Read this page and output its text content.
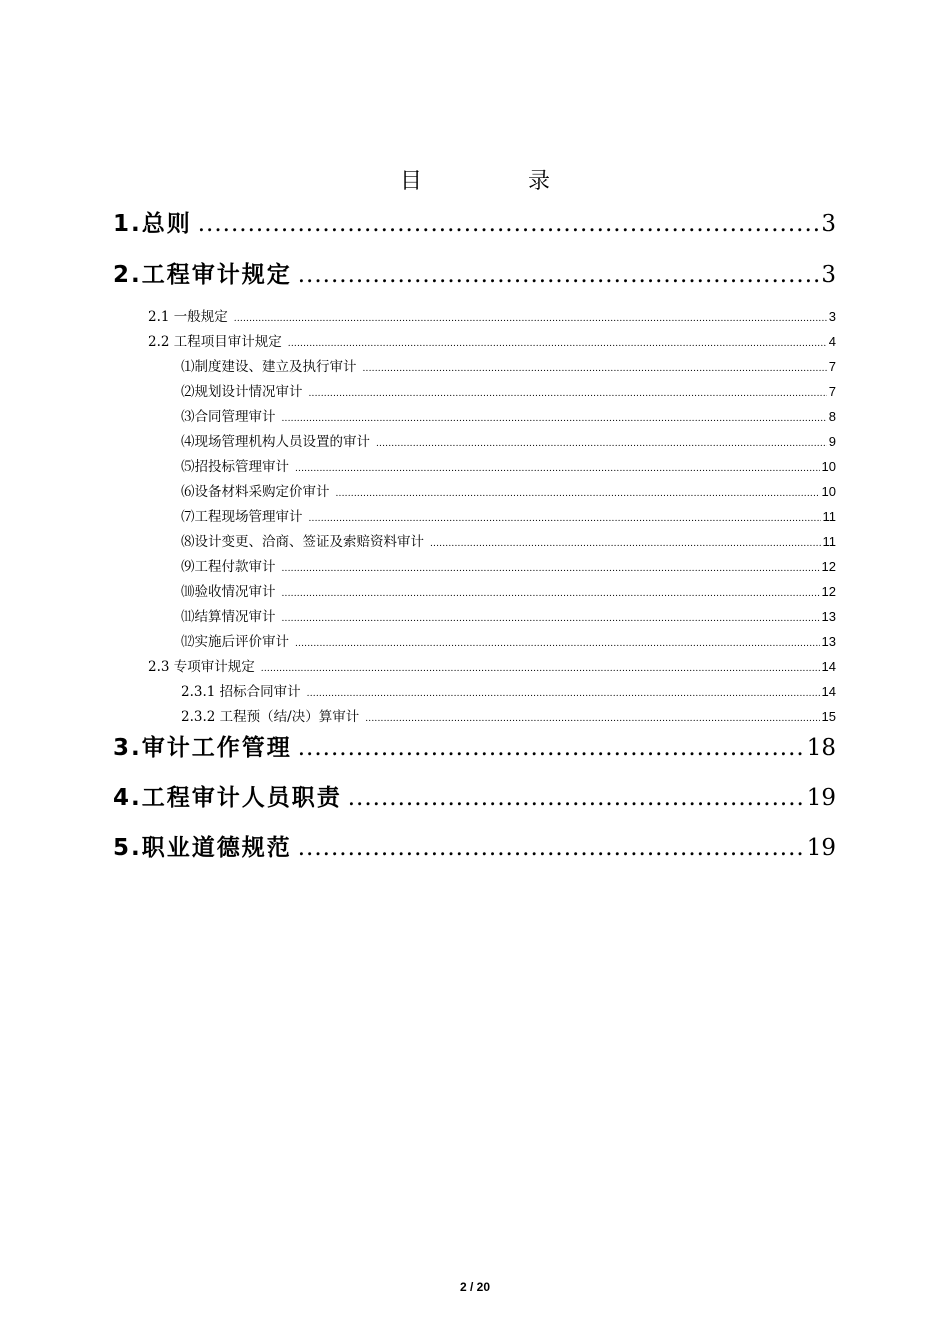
目　录
1.总则 .....	3
2.工程审计规定 .....	3
2.1 一般规定 .....	3
2.2 工程项目审计规定 .....	4
⑴制度建设、建立及执行审计 .....	7
⑵规划设计情况审计 .....	7
⑶合同管理审计 .....	8
⑷现场管理机构人员设置的审计 .....	9
⑸招投标管理审计 .....	10
⑹设备材料采购定价审计 .....	10
⑺工程现场管理审计 .....	11
⑻设计变更、洽商、签证及索赔资料审计 .....	11
⑼工程付款审计 .....	12
⑽验收情况审计 .....	12
⑾结算情况审计 .....	13
⑿实施后评价审计 .....	13
2.3 专项审计规定 .....	14
2.3.1 招标合同审计 .....	14
2.3.2 工程预（结/决）算审计 .....	15
3.审计工作管理 .....	18
4.工程审计人员职责 .....	19
5.职业道德规范 .....	19
2 / 20
